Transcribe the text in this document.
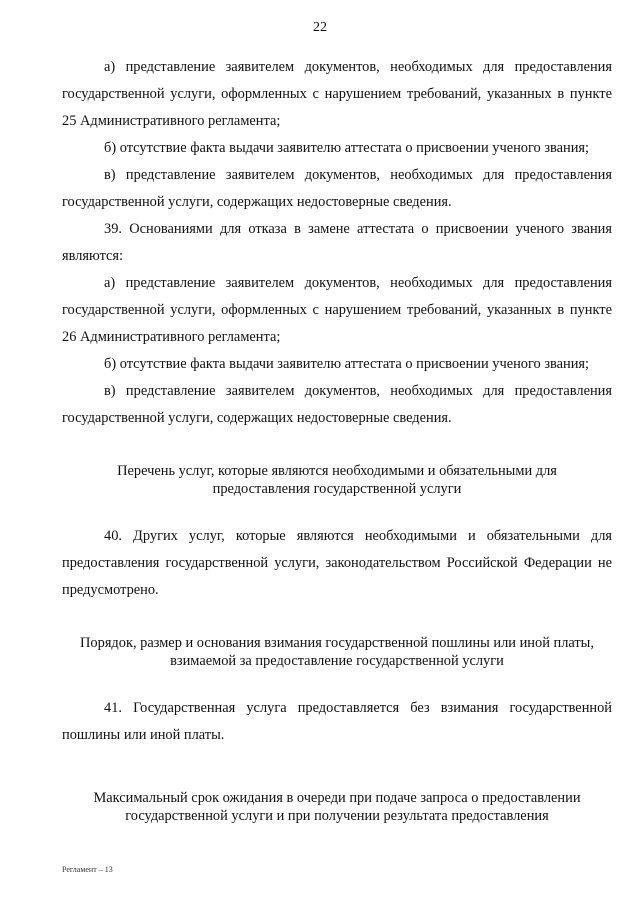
22

а) представление заявителем документов, необходимых для предоставления государственной услуги, оформленных с нарушением требований, указанных в пункте 25 Административного регламента;

б) отсутствие факта выдачи заявителю аттестата о присвоении ученого звания;

в) представление заявителем документов, необходимых для предоставления государственной услуги, содержащих недостоверные сведения.

39. Основаниями для отказа в замене аттестата о присвоении ученого звания являются:

а) представление заявителем документов, необходимых для предоставления государственной услуги, оформленных с нарушением требований, указанных в пункте 26 Административного регламента;

б) отсутствие факта выдачи заявителю аттестата о присвоении ученого звания;

в) представление заявителем документов, необходимых для предоставления государственной услуги, содержащих недостоверные сведения.

Перечень услуг, которые являются необходимыми и обязательными для
предоставления государственной услуги

40. Других услуг, которые являются необходимыми и обязательными для предоставления государственной услуги, законодательством Российской Федерации не предусмотрено.

Порядок, размер и основания взимания государственной пошлины или иной платы,
взимаемой за предоставление государственной услуги

41. Государственная услуга предоставляется без взимания государственной пошлины или иной платы.

Максимальный срок ожидания в очереди при подаче запроса о предоставлении
государственной услуги и при получении результата предоставления
Регламент – 13
